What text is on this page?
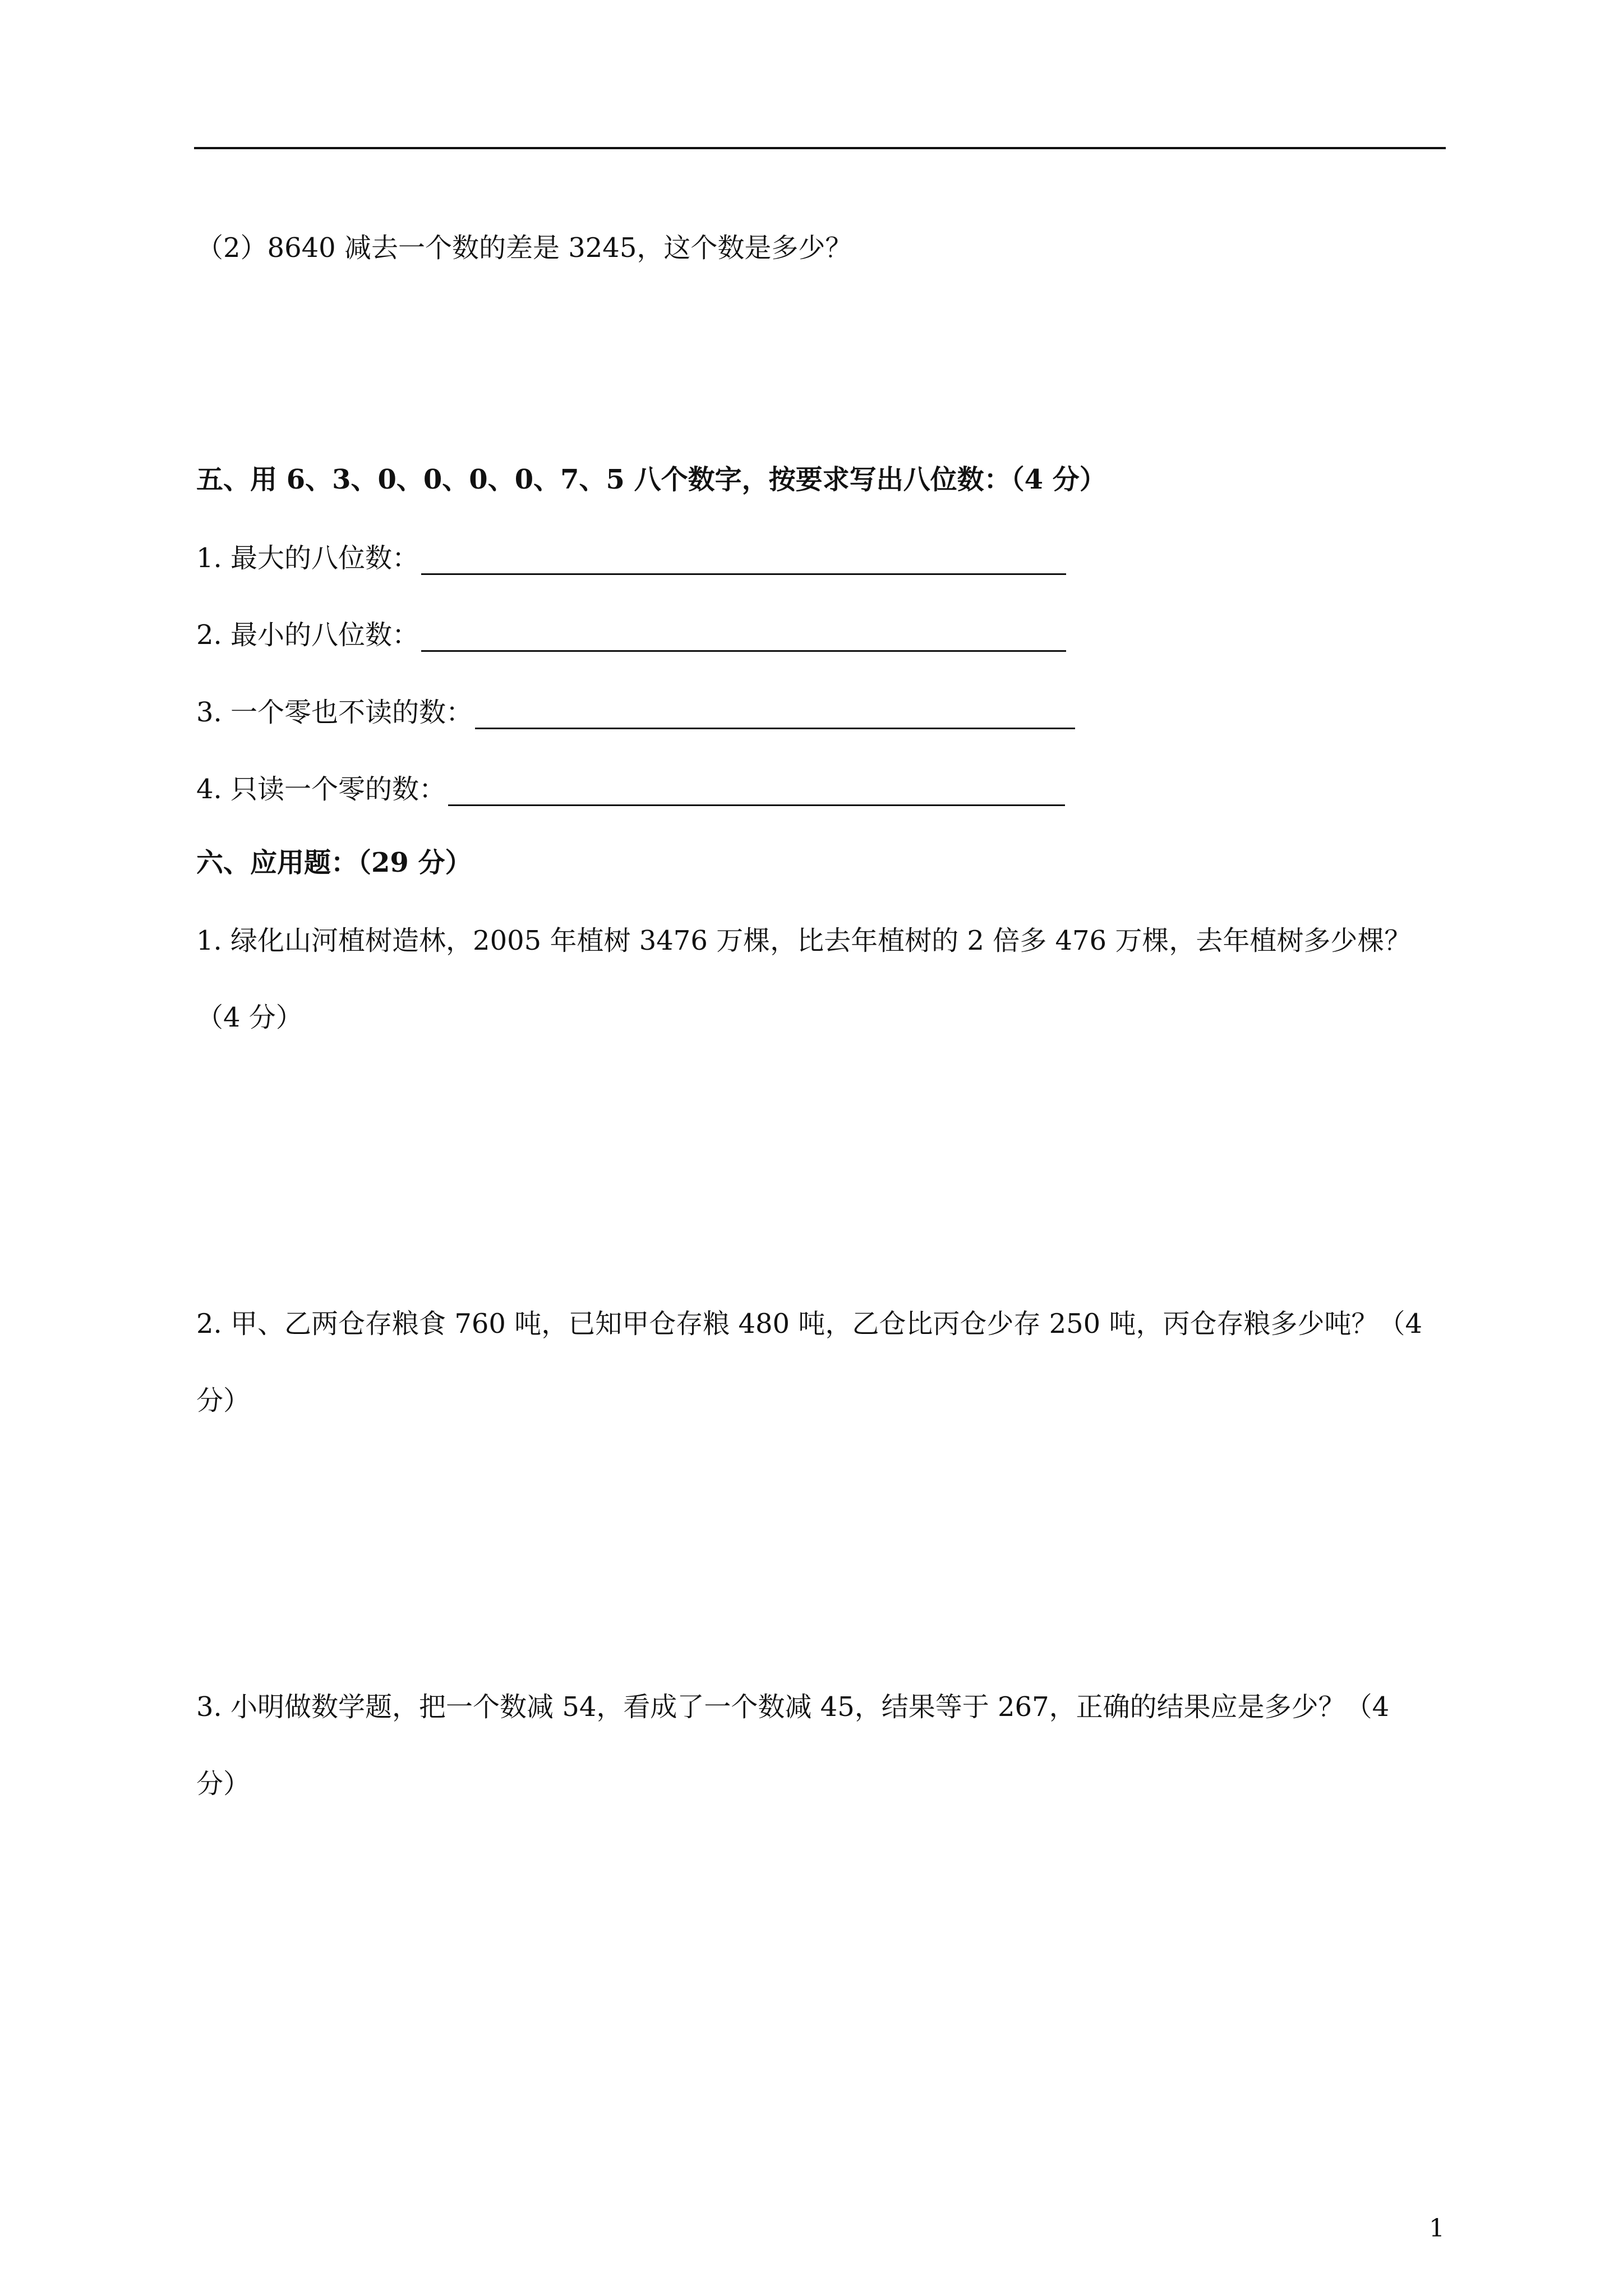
（2）8640 减去一个数的差是 3245，这个数是多少？
五、用 6、3、0、0、0、0、7、5 八个数字，按要求写出八位数：（4 分）
1. 最大的八位数：
2. 最小的八位数：
3. 一个零也不读的数：
4. 只读一个零的数：
六、应用题：（29 分）
1. 绿化山河植树造林，2005 年植树 3476 万棵，比去年植树的 2 倍多 476 万棵，去年植树多少棵？
（4 分）
2. 甲、乙两仓存粮食 760 吨，已知甲仓存粮 480 吨，乙仓比丙仓少存 250 吨，丙仓存粮多少吨？（4
分）
3. 小明做数学题，把一个数减 54，看成了一个数减 45，结果等于 267，正确的结果应是多少？（4
分）
1
